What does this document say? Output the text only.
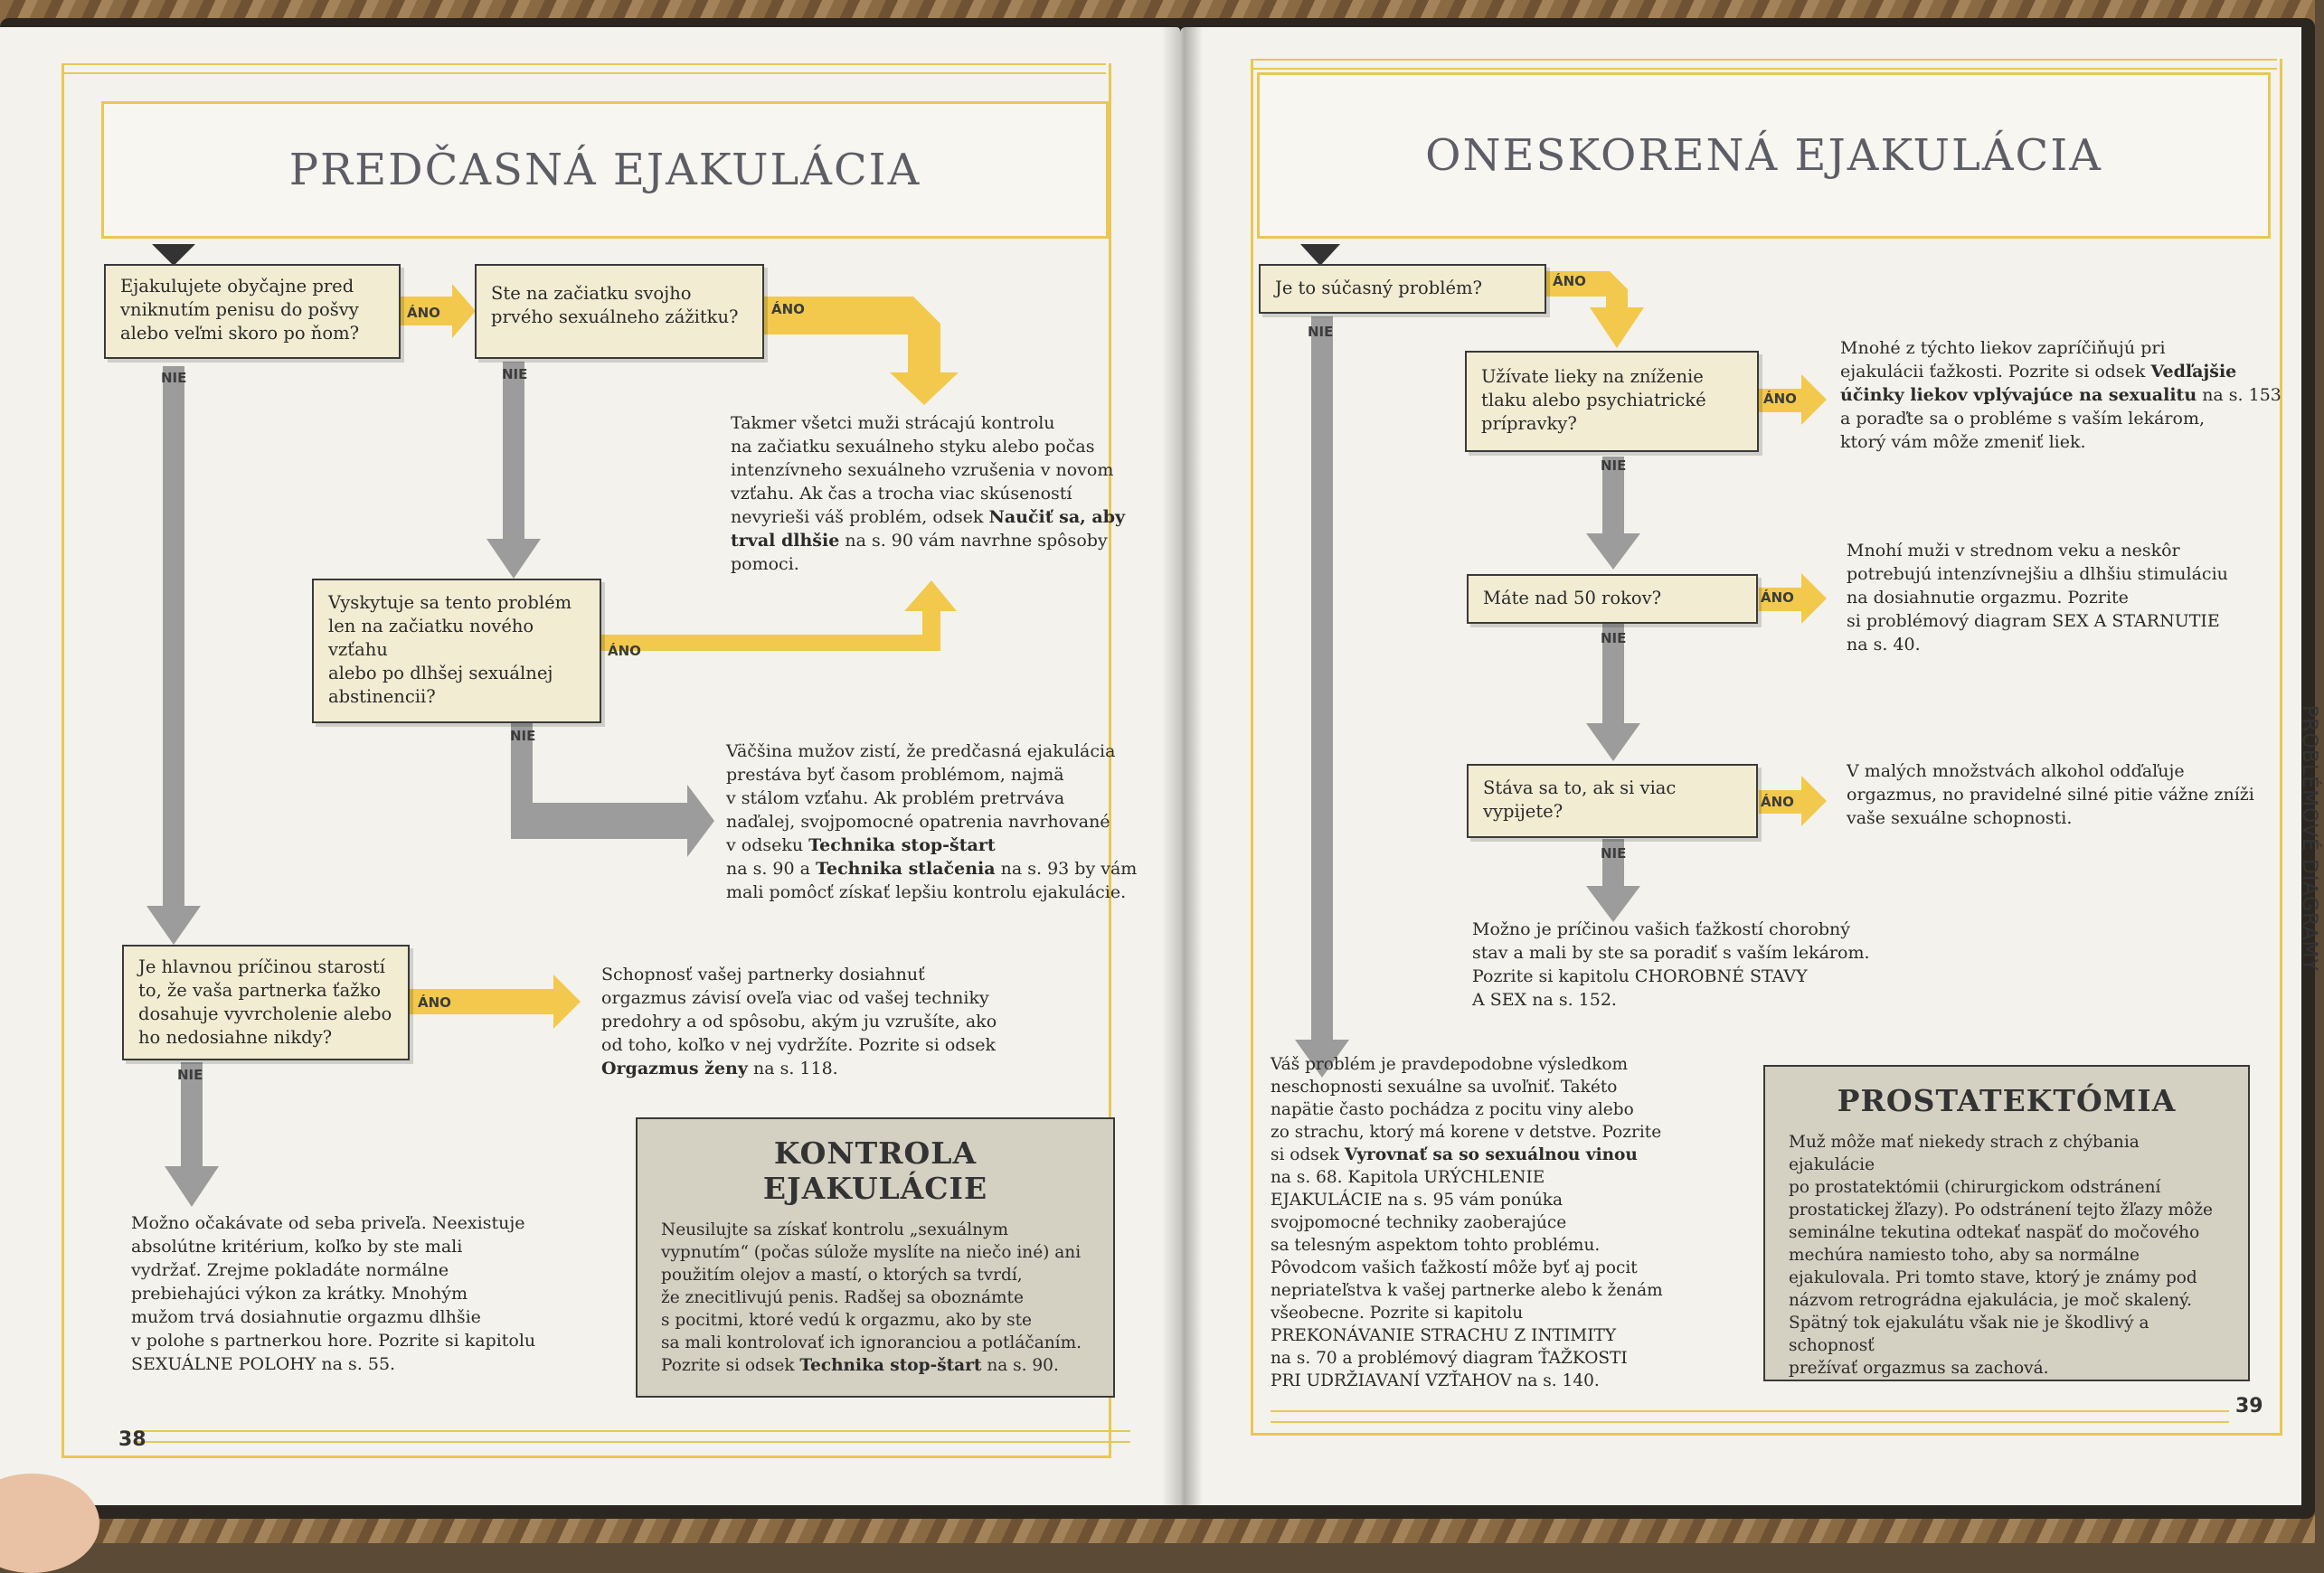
PREDČASNÁ EJAKULÁCIA	ONESKORENÁ EJAKULÁCIA
ÁNO	ÁNO
ÁNO
ÁNO
NIE	NIE
NIE
NIE
ÁNO
ÁNO
ÁNO
ÁNO
NIE
NIE
NIE
NIE
Ejakulujete obyčajne pred
vniknutím penisu do pošvy
alebo veľmi skoro po ňom?
Ste na začiatku svojho
prvého sexuálneho zážitku?
Vyskytuje sa tento problém
len na začiatku nového vzťahu
alebo po dlhšej sexuálnej
abstinencii?
Je hlavnou príčinou starostí
to, že vaša partnerka ťažko
dosahuje vyvrcholenie alebo
ho nedosiahne nikdy?

Takmer všetci muži strácajú kontrolu
na začiatku sexuálneho styku alebo počas
intenzívneho sexuálneho vzrušenia v novom
vzťahu. Ak čas a trocha viac skúseností
nevyrieši váš problém, odsek Naučiť sa, aby
trval dlhšie na s. 90 vám navrhne spôsoby
pomoci.

Väčšina mužov zistí, že predčasná ejakulácia
prestáva byť časom problémom, najmä
v stálom vzťahu. Ak problém pretrváva
naďalej, svojpomocné opatrenia navrhované
v odseku Technika stop-štart
na s. 90 a Technika stlačenia na s. 93 by vám
mali pomôcť získať lepšiu kontrolu ejakulácie.

Schopnosť vašej partnerky dosiahnuť
orgazmus závisí oveľa viac od vašej techniky
predohry a od spôsobu, akým ju vzrušíte, ako
od toho, koľko v nej vydržíte. Pozrite si odsek
Orgazmus ženy na s. 118.

Možno očakávate od seba priveľa. Neexistuje
absolútne kritérium, koľko by ste mali
vydržať. Zrejme pokladáte normálne
prebiehajúci výkon za krátky. Mnohým
mužom trvá dosiahnutie orgazmu dlhšie
v polohe s partnerkou hore. Pozrite si kapitolu
SEXUÁLNE POLOHY na s. 55.

KONTROLA EJAKULÁCIE

Neusilujte sa získať kontrolu „sexuálnym
vypnutím“ (počas súlože myslíte na niečo iné) ani
použitím olejov a mastí, o ktorých sa tvrdí,
že znecitlivujú penis. Radšej sa oboznámte
s pocitmi, ktoré vedú k orgazmu, ako by ste
sa mali kontrolovať ich ignoranciou a potláčaním.
Pozrite si odsek Technika stop-štart na s. 90.

38
Je to súčasný problém?
Užívate lieky na zníženie
tlaku alebo psychiatrické
prípravky?
Máte nad 50 rokov?
Stáva sa to, ak si viac
vypijete?

Mnohé z týchto liekov zapríčiňujú pri
ejakulácii ťažkosti. Pozrite si odsek Vedľajšie
účinky liekov vplývajúce na sexualitu na s. 153
a poraďte sa o probléme s vaším lekárom,
ktorý vám môže zmeniť liek.

Mnohí muži v strednom veku a neskôr
potrebujú intenzívnejšiu a dlhšiu stimuláciu
na dosiahnutie orgazmu. Pozrite
si problémový diagram SEX A STARNUTIE
na s. 40.

V malých množstvách alkohol odďaľuje
orgazmus, no pravidelné silné pitie vážne zníži
vaše sexuálne schopnosti.

Možno je príčinou vašich ťažkostí chorobný
stav a mali by ste sa poradiť s vaším lekárom.
Pozrite si kapitolu CHOROBNÉ STAVY
A SEX na s. 152.

Váš problém je pravdepodobne výsledkom
neschopnosti sexuálne sa uvoľniť. Takéto
napätie často pochádza z pocitu viny alebo
zo strachu, ktorý má korene v detstve. Pozrite
si odsek Vyrovnať sa so sexuálnou vinou
na s. 68. Kapitola URÝCHLENIE
EJAKULÁCIE na s. 95 vám ponúka
svojpomocné techniky zaoberajúce
sa telesným aspektom tohto problému.
Pôvodcom vašich ťažkostí môže byť aj pocit
nepriateľstva k vašej partnerke alebo k ženám
všeobecne. Pozrite si kapitolu
PREKONÁVANIE STRACHU Z INTIMITY
na s. 70 a problémový diagram ŤAŽKOSTI
PRI UDRŽIAVANÍ VZŤAHOV na s. 140.

PROSTATEKTÓMIA

Muž môže mať niekedy strach z chýbania ejakulácie
po prostatektómii (chirurgickom odstránení
prostatickej žľazy). Po odstránení tejto žľazy môže
seminálne tekutina odtekať naspäť do močového
mechúra namiesto toho, aby sa normálne
ejakulovala. Pri tomto stave, ktorý je známy pod
názvom retrográdna ejakulácia, je moč skalený.
Spätný tok ejakulátu však nie je škodlivý a schopnosť
prežívať orgazmus sa zachová.

39
PROBLÉMOVÉ DIAGRAMY
